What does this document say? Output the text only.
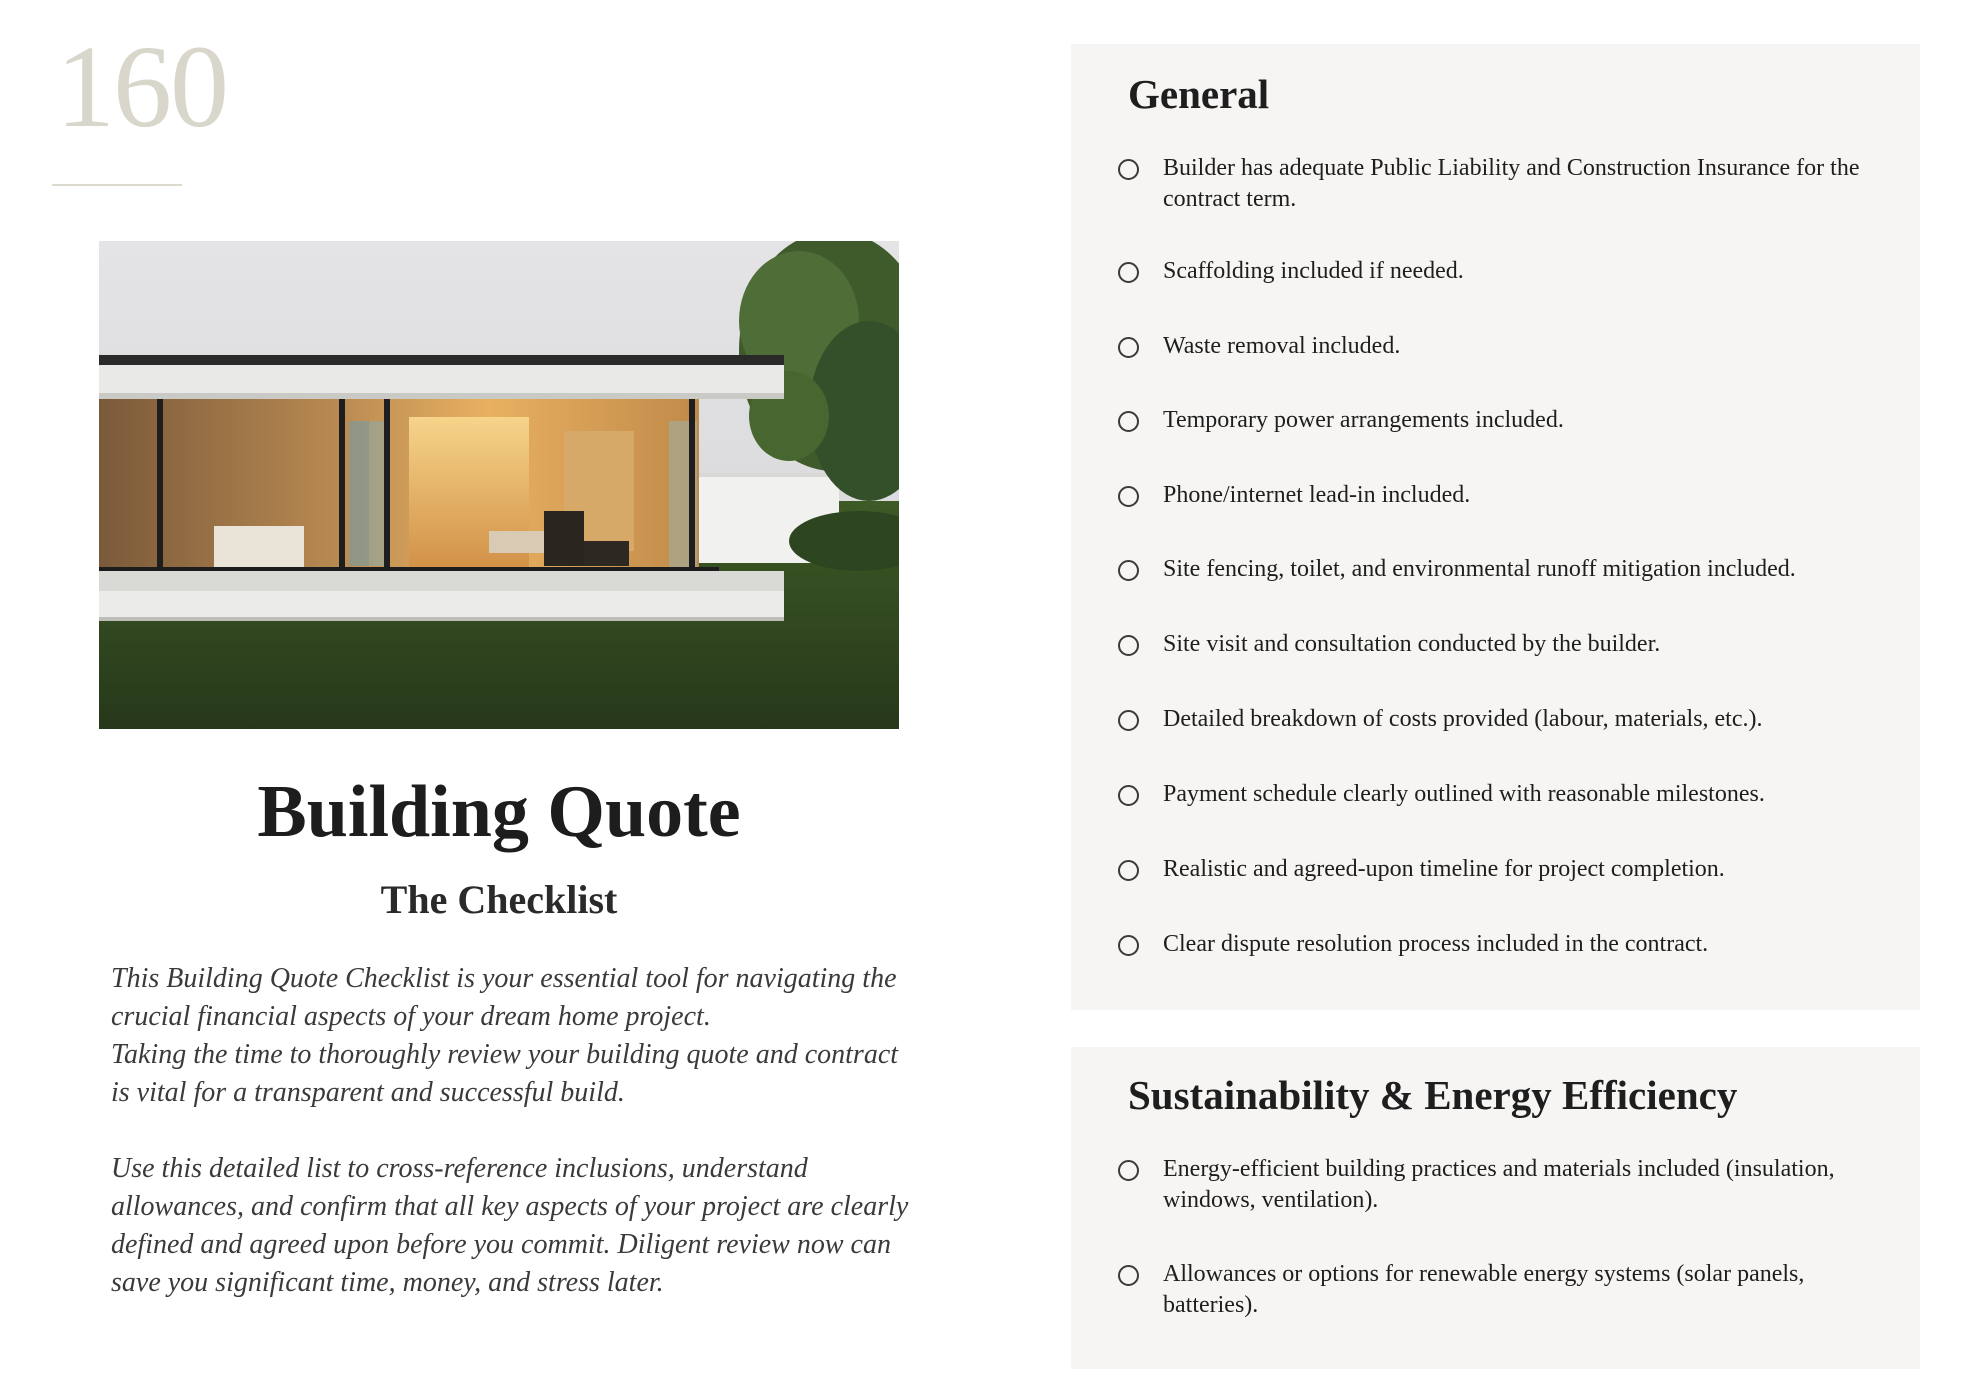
160
Building Quote
The Checklist

This Building Quote Checklist is your essential tool for navigating the crucial financial aspects of your dream home project.

Taking the time to thoroughly review your building quote and contract is vital for a transparent and successful build.

Use this detailed list to cross-reference inclusions, understand allowances, and confirm that all key aspects of your project are clearly defined and agreed upon before you commit. Diligent review now can save you significant time, money, and stress later.

General
Builder has adequate Public Liability and Construction Insurance for the contract term.
Scaffolding included if needed.
Waste removal included.
Temporary power arrangements included.
Phone/internet lead-in included.
Site fencing, toilet, and environmental runoff mitigation included.
Site visit and consultation conducted by the builder.
Detailed breakdown of costs provided (labour, materials, etc.).
Payment schedule clearly outlined with reasonable milestones.
Realistic and agreed-upon timeline for project completion.
Clear dispute resolution process included in the contract.
Sustainability & Energy Efficiency
Energy-efficient building practices and materials included (insulation, windows, ventilation).
Allowances or options for renewable energy systems (solar panels, batteries).
